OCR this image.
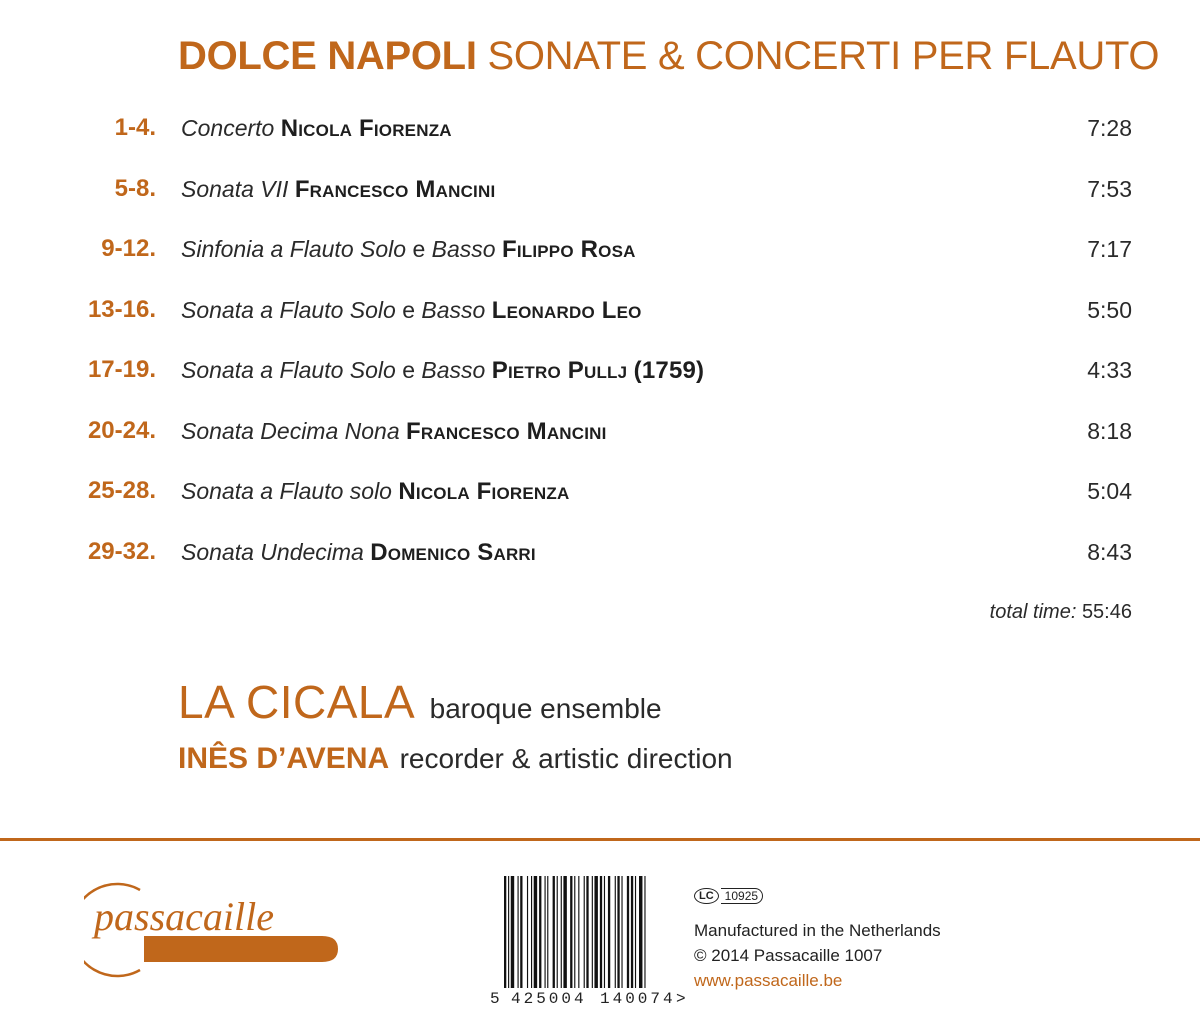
DOLCE NAPOLI SONATE & CONCERTI PER FLAUTO
1-4. Concerto Nicola Fiorenza	7:28
5-8. Sonata VII Francesco Mancini	7:53
9-12. Sinfonia a Flauto Solo e Basso Filippo Rosa	7:17
13-16. Sonata a Flauto Solo e Basso Leonardo Leo	5:50
17-19. Sonata a Flauto Solo e Basso Pietro Pullj (1759)	4:33
20-24. Sonata Decima Nona Francesco Mancini	8:18
25-28. Sonata a Flauto solo Nicola Fiorenza	5:04
29-32. Sonata Undecima Domenico Sarri	8:43
total time: 55:46
LA CICALA baroque ensemble
INÊS D’AVENA recorder & artistic direction
passacaille
5 425004 140074 >
LC 10925
Manufactured in the Netherlands
© 2014 Passacaille 1007
www.passacaille.be
